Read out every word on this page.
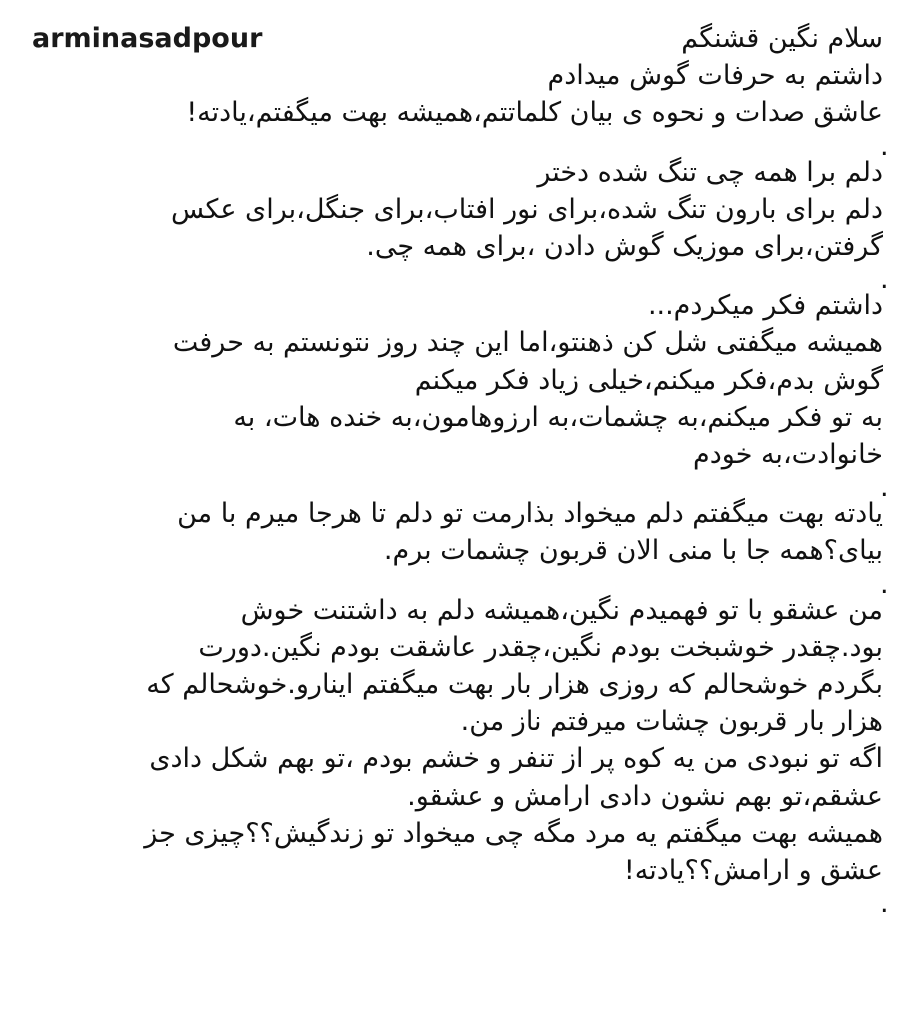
arminasadpour	سلام نگین قشنگم
داشتم به حرفات گوش میدادم
عاشق صدات و نحوه ی بیان کلماتتم،همیشه بهت میگفتم،یادته!
.
دلم برا همه چی تنگ شده دختر
دلم برای بارون تنگ شده،برای نور افتاب،برای جنگل،برای عکس
گرفتن،برای موزیک گوش دادن ،برای همه چی.
.
داشتم فکر میکردم...
همیشه میگفتی شل کن ذهنتو،اما این چند روز نتونستم به حرفت
گوش بدم،فکر میکنم،خیلی زیاد فکر میکنم
به تو فکر میکنم،به چشمات،به ارزوهامون،به خنده هات، به
خانوادت،به خودم
.
یادته بهت میگفتم دلم میخواد بذارمت تو دلم تا هرجا میرم با من
بیای؟همه جا با منی الان قربون چشمات برم.
.
من عشقو با تو فهمیدم نگین،همیشه دلم به داشتنت خوش
بود.چقدر خوشبخت بودم نگین،چقدر عاشقت بودم نگین.دورت
بگردم خوشحالم که روزی هزار بار بهت میگفتم اینارو.خوشحالم که
هزار بار قربون چشات میرفتم ناز من.
اگه تو نبودی من یه کوه پر از تنفر و خشم بودم ،تو بهم شکل دادی
عشقم،تو بهم نشون دادی ارامش و عشقو.
همیشه بهت میگفتم یه مرد مگه چی میخواد تو زندگیش؟؟چیزی جز
عشق و ارامش؟؟یادته!
.
